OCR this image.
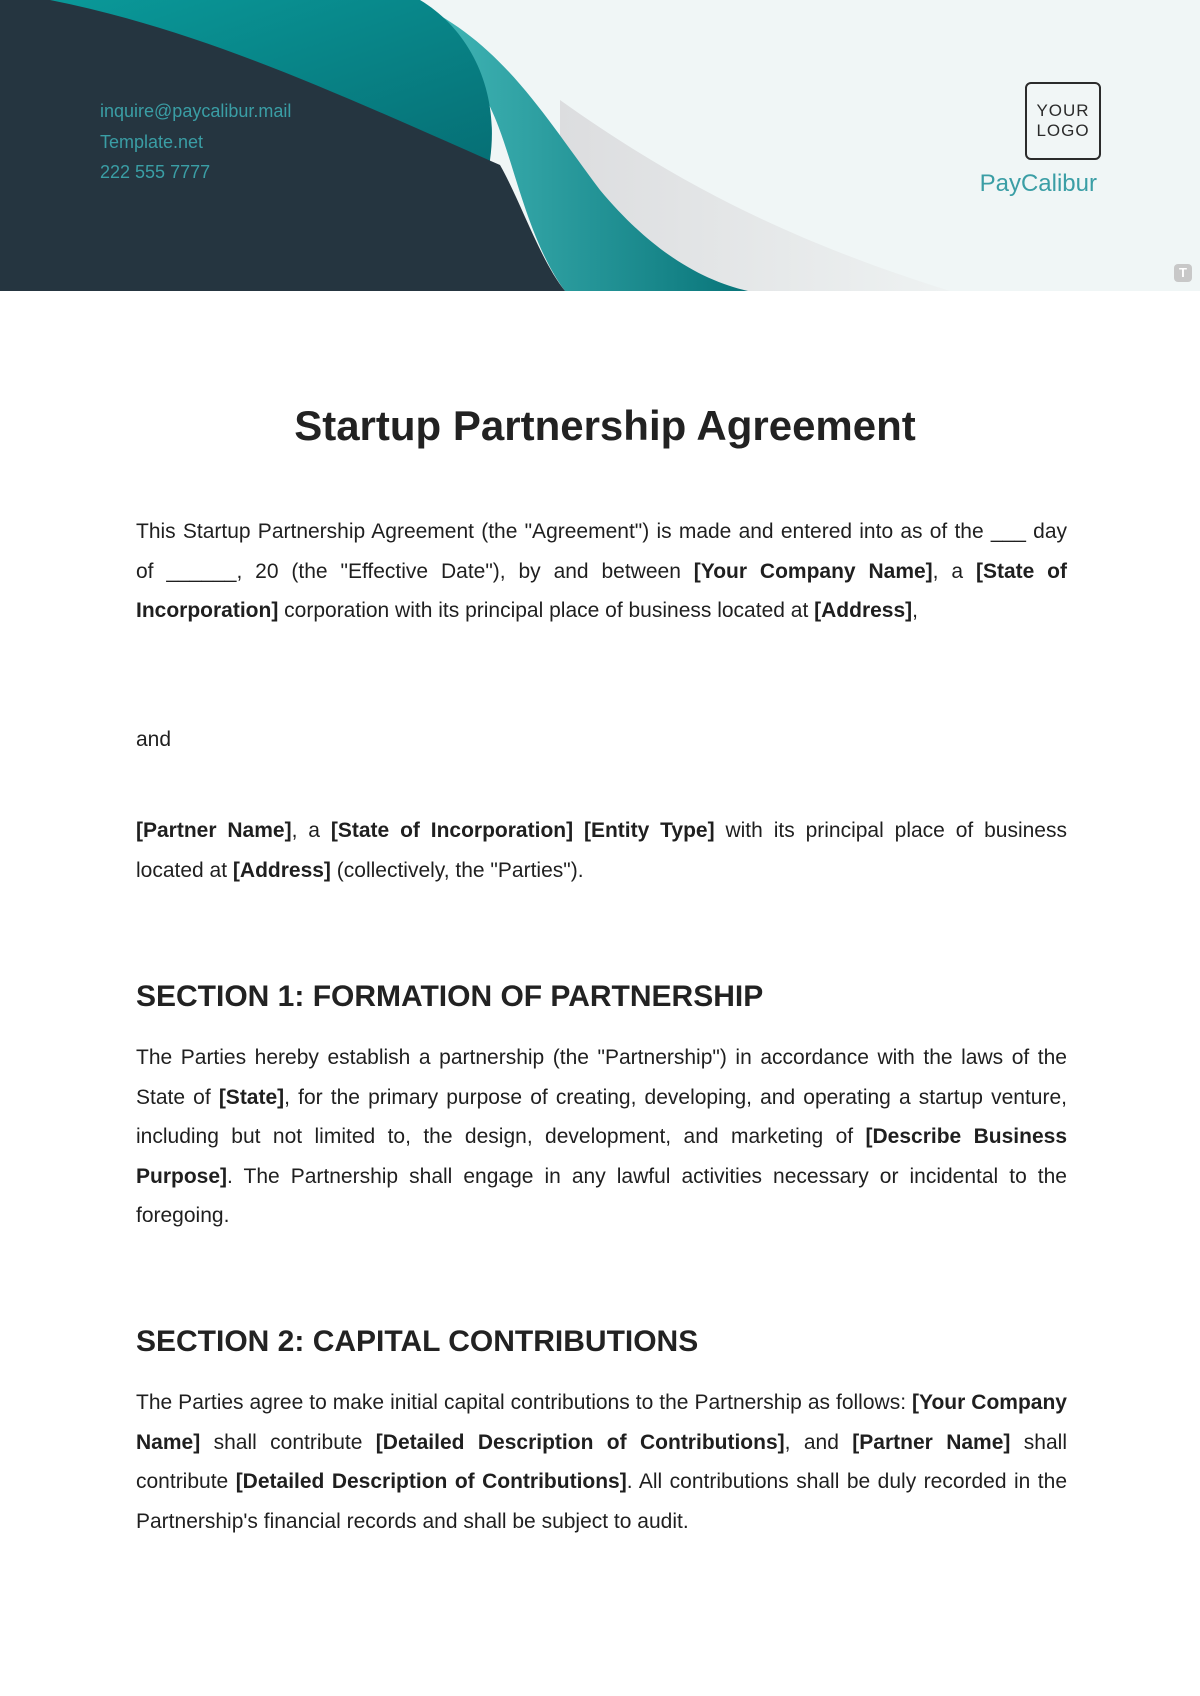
inquire@paycalibur.mail
Template.net
222 555 7777
YOUR
LOGO
PayCalibur
T
Startup Partnership Agreement
This Startup Partnership Agreement (the "Agreement") is made and entered into as of the ___ day of ______, 20 (the "Effective Date"), by and between [Your Company Name], a [State of Incorporation] corporation with its principal place of business located at [Address],
and
[Partner Name], a [State of Incorporation] [Entity Type] with its principal place of business located at [Address] (collectively, the "Parties").
SECTION 1: FORMATION OF PARTNERSHIP
The Parties hereby establish a partnership (the "Partnership") in accordance with the laws of the State of [State], for the primary purpose of creating, developing, and operating a startup venture, including but not limited to, the design, development, and marketing of [Describe Business Purpose]. The Partnership shall engage in any lawful activities necessary or incidental to the foregoing.
SECTION 2: CAPITAL CONTRIBUTIONS
The Parties agree to make initial capital contributions to the Partnership as follows: [Your Company Name] shall contribute [Detailed Description of Contributions], and [Partner Name] shall contribute [Detailed Description of Contributions]. All contributions shall be duly recorded in the Partnership's financial records and shall be subject to audit.
